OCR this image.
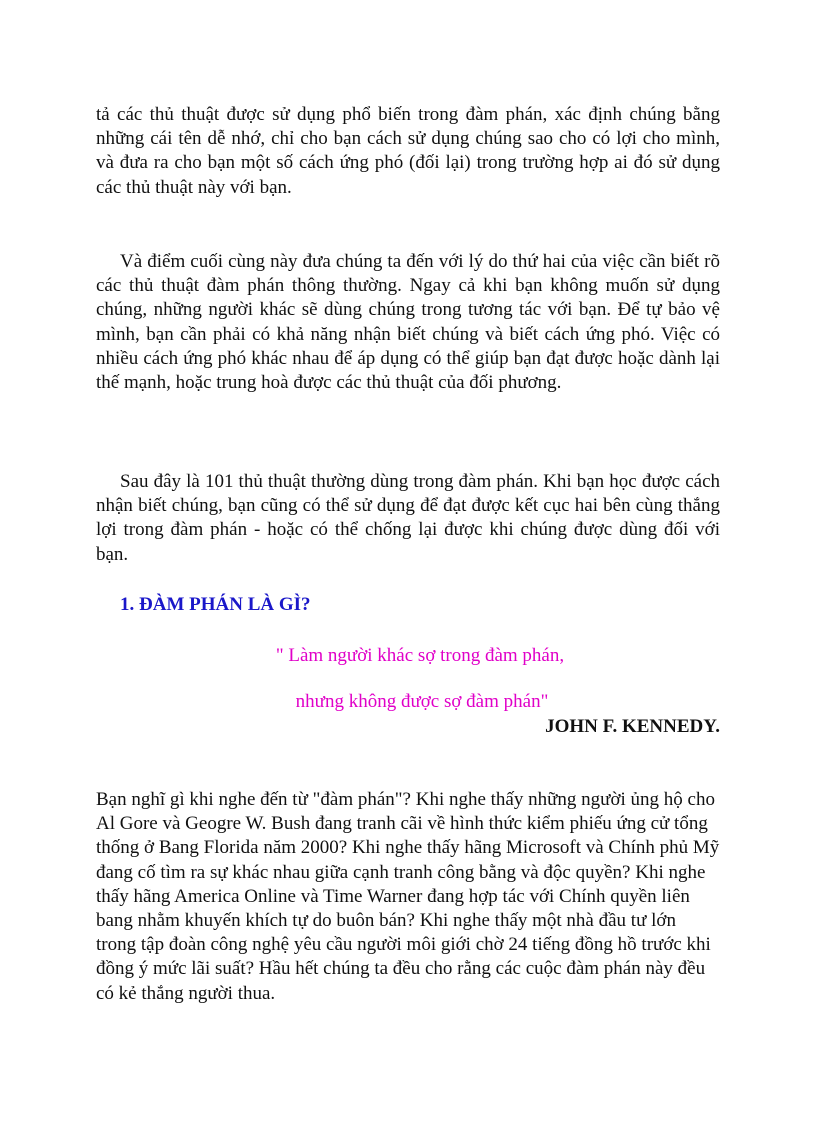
tả các thủ thuật được sử dụng phổ biến trong đàm phán, xác định chúng bằng những cái tên dễ nhớ, chỉ cho bạn cách sử dụng chúng sao cho có lợi cho mình, và đưa ra cho bạn một số cách ứng phó (đối lại) trong trường hợp ai đó sử dụng các thủ thuật này với bạn.

Và điểm cuối cùng này đưa chúng ta đến với lý do thứ hai của việc cần biết rõ các thủ thuật đàm phán thông thường. Ngay cả khi bạn không muốn sử dụng chúng, những người khác sẽ dùng chúng trong tương tác với bạn. Để tự bảo vệ mình, bạn cần phải có khả năng nhận biết chúng và biết cách ứng phó. Việc có nhiều cách ứng phó khác nhau để áp dụng có thể giúp bạn đạt được hoặc dành lại thế mạnh, hoặc trung hoà được các thủ thuật của đối phương.

Sau đây là 101 thủ thuật thường dùng trong đàm phán. Khi bạn học được cách nhận biết chúng, bạn cũng có thể sử dụng để đạt được kết cục hai bên cùng thắng lợi trong đàm phán - hoặc có thể chống lại được khi chúng được dùng đối với bạn.

1. ĐÀM PHÁN LÀ GÌ?

" Làm người khác sợ trong đàm phán,

nhưng không được sợ đàm phán"

JOHN F. KENNEDY.

Bạn nghĩ gì khi nghe đến từ "đàm phán"? Khi nghe thấy những người ủng hộ cho Al Gore và Geogre W. Bush đang tranh cãi về hình thức kiểm phiếu ứng cử tổng thống ở Bang Florida năm 2000? Khi nghe thấy hãng Microsoft và Chính phủ Mỹ đang cố tìm ra sự khác nhau giữa cạnh tranh công bằng và độc quyền? Khi nghe thấy hãng America Online và Time Warner đang hợp tác với Chính quyền liên bang nhằm khuyến khích tự do buôn bán? Khi nghe thấy một nhà đầu tư lớn trong tập đoàn công nghệ yêu cầu người môi giới chờ 24 tiếng đồng hồ trước khi đồng ý mức lãi suất? Hầu hết chúng ta đều cho rằng các cuộc đàm phán này đều có kẻ thắng người thua.
